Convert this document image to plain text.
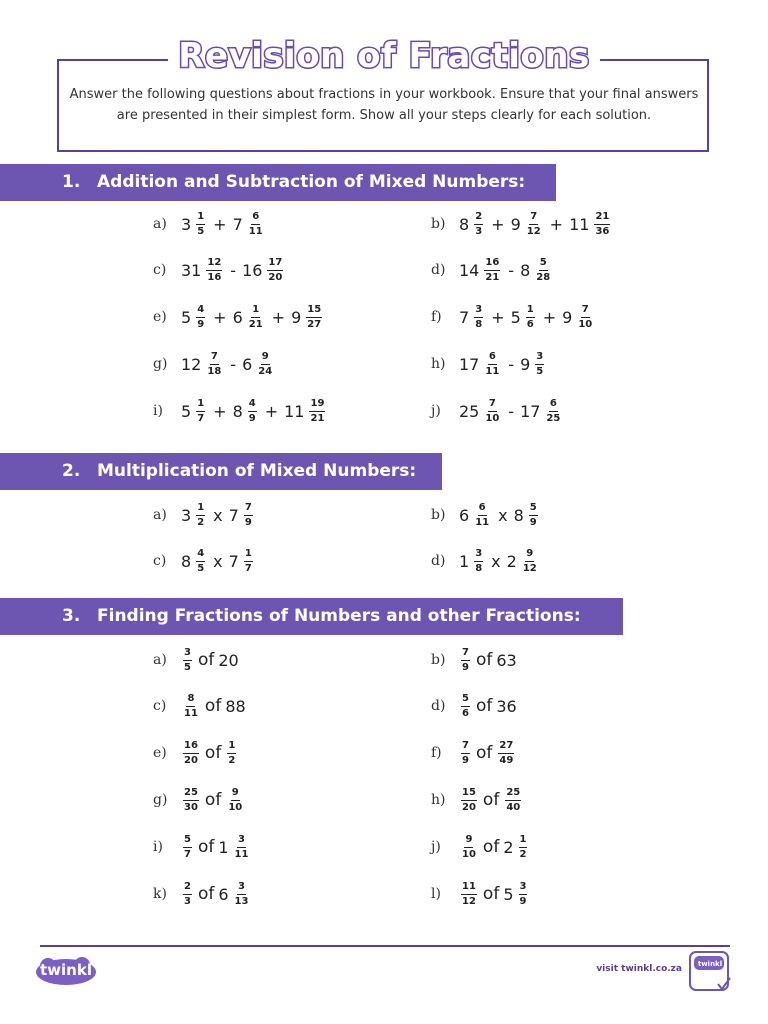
Revision of Fractions
Answer the following questions about fractions in your workbook. Ensure that your final answers are presented in their simplest form. Show all your steps clearly for each solution.
1. Addition and Subtraction of Mixed Numbers:
2. Multiplication of Mixed Numbers:
3. Finding Fractions of Numbers and other Fractions:
a) $3 \frac{1}{5} + 7 \frac{6}{11}$	b) $8 \frac{2}{3} + 9 \frac{7}{12} + 11 \frac{21}{36}$
c) $31 \frac{12}{16} - 16 \frac{17}{20}$	d) $14 \frac{16}{21} - 8 \frac{5}{28}$
e) $5 \frac{4}{9} + 6 \frac{1}{21} + 9 \frac{15}{27}$	f)	$7 \frac{3}{8} + 5 \frac{1}{6} + 9 \frac{7}{10}$
g) $12 \frac{7}{18} - 6 \frac{9}{24}$	h) $17 \frac{6}{11} - 9 \frac{3}{5}$
i)	$5 \frac{1}{7} + 8 \frac{4}{9} + 11 \frac{19}{21}$	j)	$25 \frac{7}{10} - 17 \frac{6}{25}$
a) $3 \frac{1}{2}$ x $7 \frac{7}{9}$	b) $6 \frac{6}{11}$ x $8 \frac{5}{9}$
c) $8 \frac{4}{5}$ x $7 \frac{1}{7}$	d) $1 \frac{3}{8}$ x $2 \frac{9}{12}$
a)	$\frac{3}{5}$ of 20	b)	$\frac{7}{9}$ of 63
c)	$\frac{8}{11}$ of 88	d)	$\frac{5}{6}$ of 36
e)	$\frac{16}{20}$ of $\frac{1}{2}$	f)	$\frac{7}{9}$ of $\frac{27}{49}$
g)	$\frac{25}{30}$ of $\frac{9}{10}$	h)	$\frac{15}{20}$ of $\frac{25}{40}$
i)	$\frac{5}{7}$ of $1 \frac{3}{11}$	j)	$\frac{9}{10}$ of $2 \frac{1}{2}$
k)	$\frac{2}{3}$ of $6 \frac{3}{13}$	l)	$\frac{11}{12}$ of $5 \frac{3}{9}$
twinkl	visit twinkl.co.za	twinkl
